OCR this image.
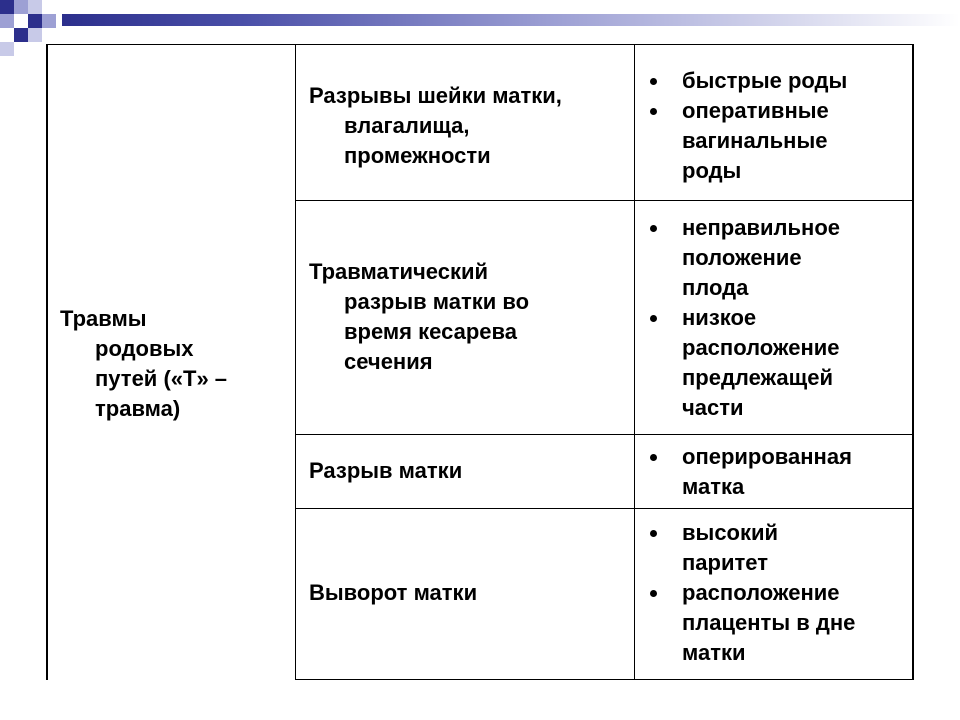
Травмы
родовых
путей («Т» –
травма)
Разрывы шейки матки,
влагалища,
промежности
быстрые роды
оперативные
вагинальные
роды
Травматический
разрыв матки во
время кесарева
сечения
неправильное
положение
плода
низкое
расположение
предлежащей
части
Разрыв матки
оперированная
матка
Выворот матки
высокий
паритет
расположение
плаценты в дне
матки
